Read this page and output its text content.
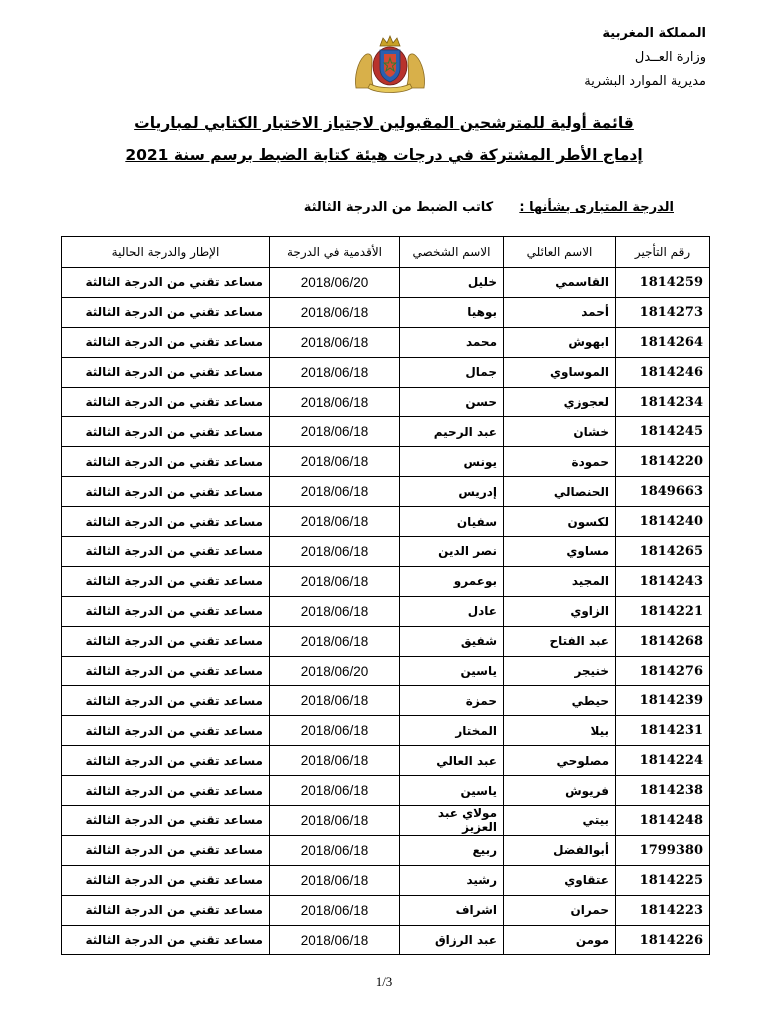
المملكة المغربية
وزارة العــدل
مديرية الموارد البشرية
قائمة أولية للمترشحين المقبولين لاجتياز الاختبار الكتابي لمباريات
إدماج الأطر المشتركة في درجات هيئة كتابة الضبط برسم سنة 2021
الدرجة المتبارى بشأنها : كاتب الضبط من الدرجة الثالثة
رقم التأجير	الاسم العائلي	الاسم الشخصي	الأقدمية في الدرجة	الإطار والدرجة الحالية
1814259	القاسمي	خليل	2018/06/20	مساعد تقني من الدرجة الثالثة
1814273	أحمد	بوهيا	2018/06/18	مساعد تقني من الدرجة الثالثة
1814264	ابهوش	محمد	2018/06/18	مساعد تقني من الدرجة الثالثة
1814246	الموساوي	جمال	2018/06/18	مساعد تقني من الدرجة الثالثة
1814234	لعجوزي	حسن	2018/06/18	مساعد تقني من الدرجة الثالثة
1814245	خشان	عبد الرحيم	2018/06/18	مساعد تقني من الدرجة الثالثة
1814220	حمودة	يونس	2018/06/18	مساعد تقني من الدرجة الثالثة
1849663	الحنصالي	إدريس	2018/06/18	مساعد تقني من الدرجة الثالثة
1814240	لكسون	سفيان	2018/06/18	مساعد تقني من الدرجة الثالثة
1814265	مساوي	نصر الدين	2018/06/18	مساعد تقني من الدرجة الثالثة
1814243	المجيد	بوعمرو	2018/06/18	مساعد تقني من الدرجة الثالثة
1814221	الزاوي	عادل	2018/06/18	مساعد تقني من الدرجة الثالثة
1814268	عبد الفتاح	شفيق	2018/06/18	مساعد تقني من الدرجة الثالثة
1814276	خنيجر	ياسين	2018/06/20	مساعد تقني من الدرجة الثالثة
1814239	حيطي	حمزة	2018/06/18	مساعد تقني من الدرجة الثالثة
1814231	بيلا	المختار	2018/06/18	مساعد تقني من الدرجة الثالثة
1814224	مصلوحي	عبد العالي	2018/06/18	مساعد تقني من الدرجة الثالثة
1814238	فريوش	ياسين	2018/06/18	مساعد تقني من الدرجة الثالثة
1814248	بيتي	مولاي عبد العزيز	2018/06/18	مساعد تقني من الدرجة الثالثة
1799380	أبوالفضل	ربيع	2018/06/18	مساعد تقني من الدرجة الثالثة
1814225	عتقاوي	رشيد	2018/06/18	مساعد تقني من الدرجة الثالثة
1814223	حمران	اشراف	2018/06/18	مساعد تقني من الدرجة الثالثة
1814226	مومن	عبد الرزاق	2018/06/18	مساعد تقني من الدرجة الثالثة
1/3
